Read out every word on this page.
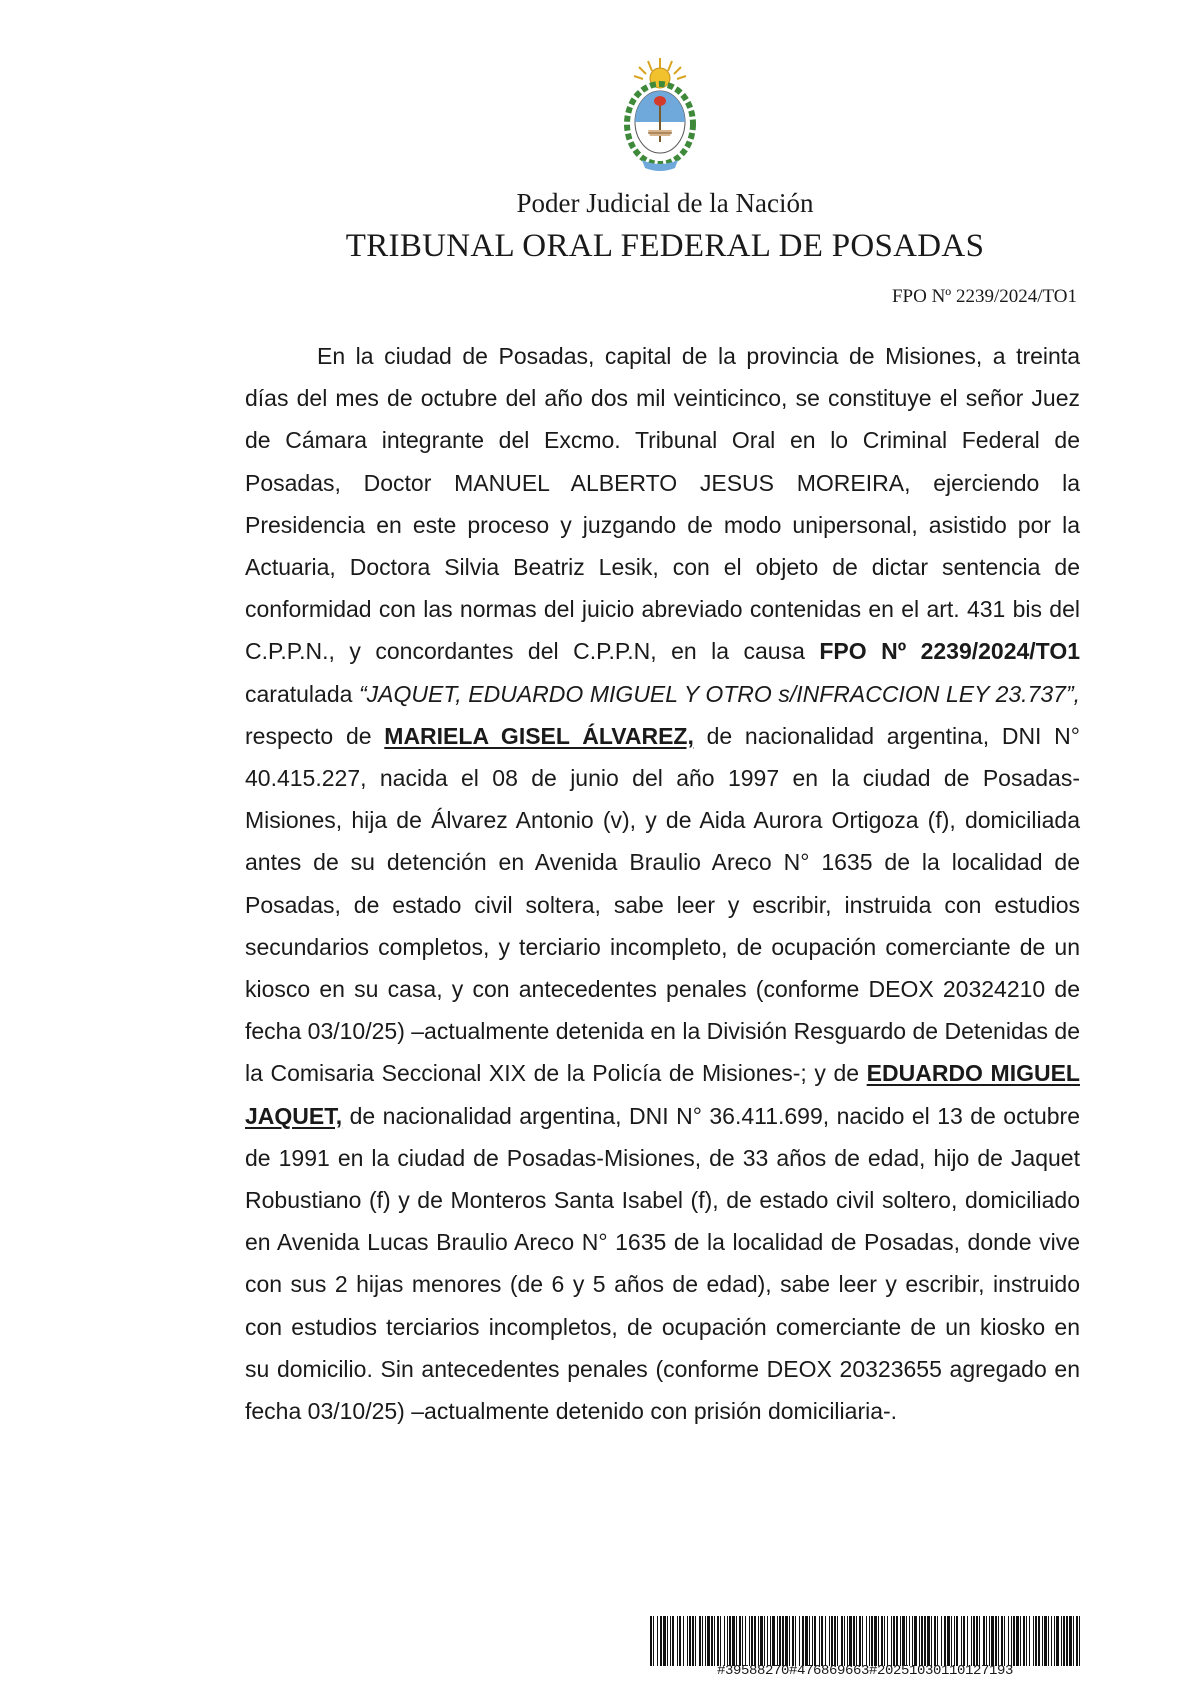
Poder Judicial de la Nación
TRIBUNAL ORAL FEDERAL DE POSADAS
FPO Nº 2239/2024/TO1

En la ciudad de Posadas, capital de la provincia de Misiones, a treinta días del mes de octubre del año dos mil veinticinco, se constituye el señor Juez de Cámara integrante del Excmo. Tribunal Oral en lo Criminal Federal de Posadas, Doctor MANUEL ALBERTO JESUS MOREIRA, ejerciendo la Presidencia en este proceso y juzgando de modo unipersonal, asistido por la Actuaria, Doctora Silvia Beatriz Lesik, con el objeto de dictar sentencia de conformidad con las normas del juicio abreviado contenidas en el art. 431 bis del C.P.P.N., y concordantes del C.P.P.N, en la causa FPO Nº 2239/2024/TO1 caratulada “JAQUET, EDUARDO MIGUEL Y OTRO s/INFRACCION LEY 23.737”, respecto de MARIELA GISEL ÁLVAREZ, de nacionalidad argentina, DNI N° 40.415.227, nacida el 08 de junio del año 1997 en la ciudad de Posadas-Misiones, hija de Álvarez Antonio (v), y de Aida Aurora Ortigoza (f), domiciliada antes de su detención en Avenida Braulio Areco N° 1635 de la localidad de Posadas, de estado civil soltera, sabe leer y escribir, instruida con estudios secundarios completos, y terciario incompleto, de ocupación comerciante de un kiosco en su casa, y con antecedentes penales (conforme DEOX 20324210 de fecha 03/10/25) –actualmente detenida en la División Resguardo de Detenidas de la Comisaria Seccional XIX de la Policía de Misiones-; y de EDUARDO MIGUEL JAQUET, de nacionalidad argentina, DNI N° 36.411.699, nacido el 13 de octubre de 1991 en la ciudad de Posadas-Misiones, de 33 años de edad, hijo de Jaquet Robustiano (f) y de Monteros Santa Isabel (f), de estado civil soltero, domiciliado en Avenida Lucas Braulio Areco N° 1635 de la localidad de Posadas, donde vive con sus 2 hijas menores (de 6 y 5 años de edad), sabe leer y escribir, instruido con estudios terciarios incompletos, de ocupación comerciante de un kiosko en su domicilio. Sin antecedentes penales (conforme DEOX 20323655 agregado en fecha 03/10/25) –actualmente detenido con prisión domiciliaria-.

#39588270#476869663#20251030110127193
